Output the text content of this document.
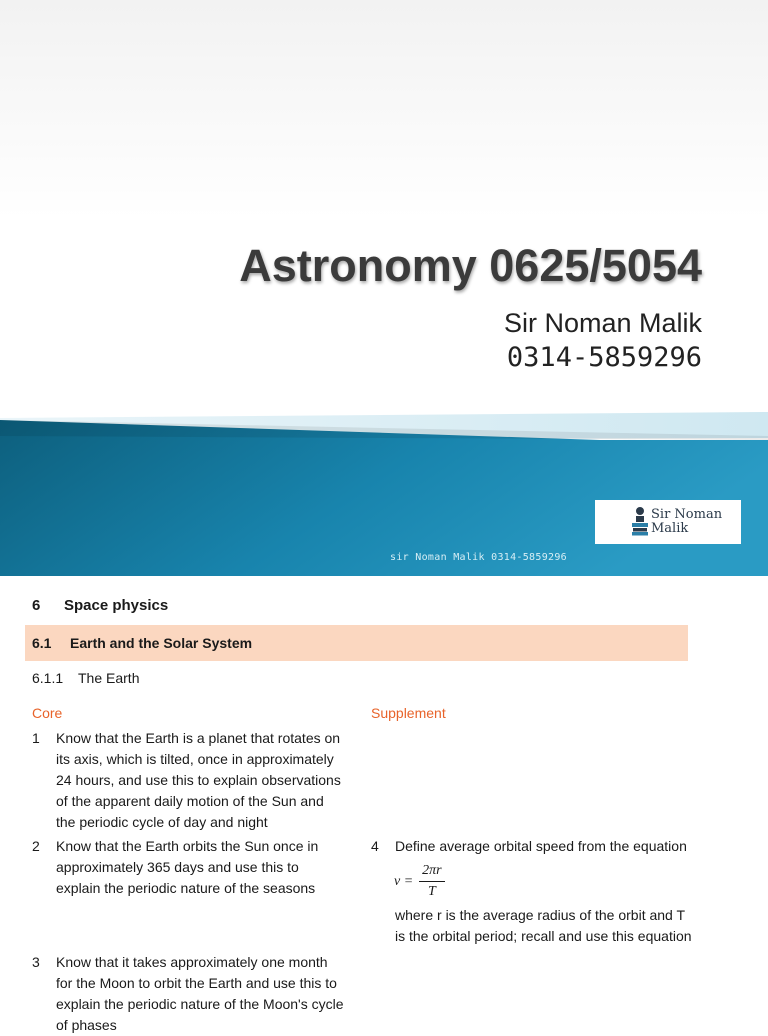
Astronomy 0625/5054
Sir Noman Malik
0314-5859296
sir Noman Malik 0314-5859296
Sir Noman
Malik
6 Space physics
6.1 Earth and the Solar System
6.1.1 The Earth
Core	Supplement
1 Know that the Earth is a planet that rotates on its axis, which is tilted, once in approximately 24 hours, and use this to explain observations of the apparent daily motion of the Sun and the periodic cycle of day and night
2 Know that the Earth orbits the Sun once in approximately 365 days and use this to explain the periodic nature of the seasons
3 Know that it takes approximately one month for the Moon to orbit the Earth and use this to explain the periodic nature of the Moon's cycle of phases
4 Define average orbital speed from the equation
$v = \frac{2\pi r}{T}$
where r is the average radius of the orbit and T is the orbital period; recall and use this equation
